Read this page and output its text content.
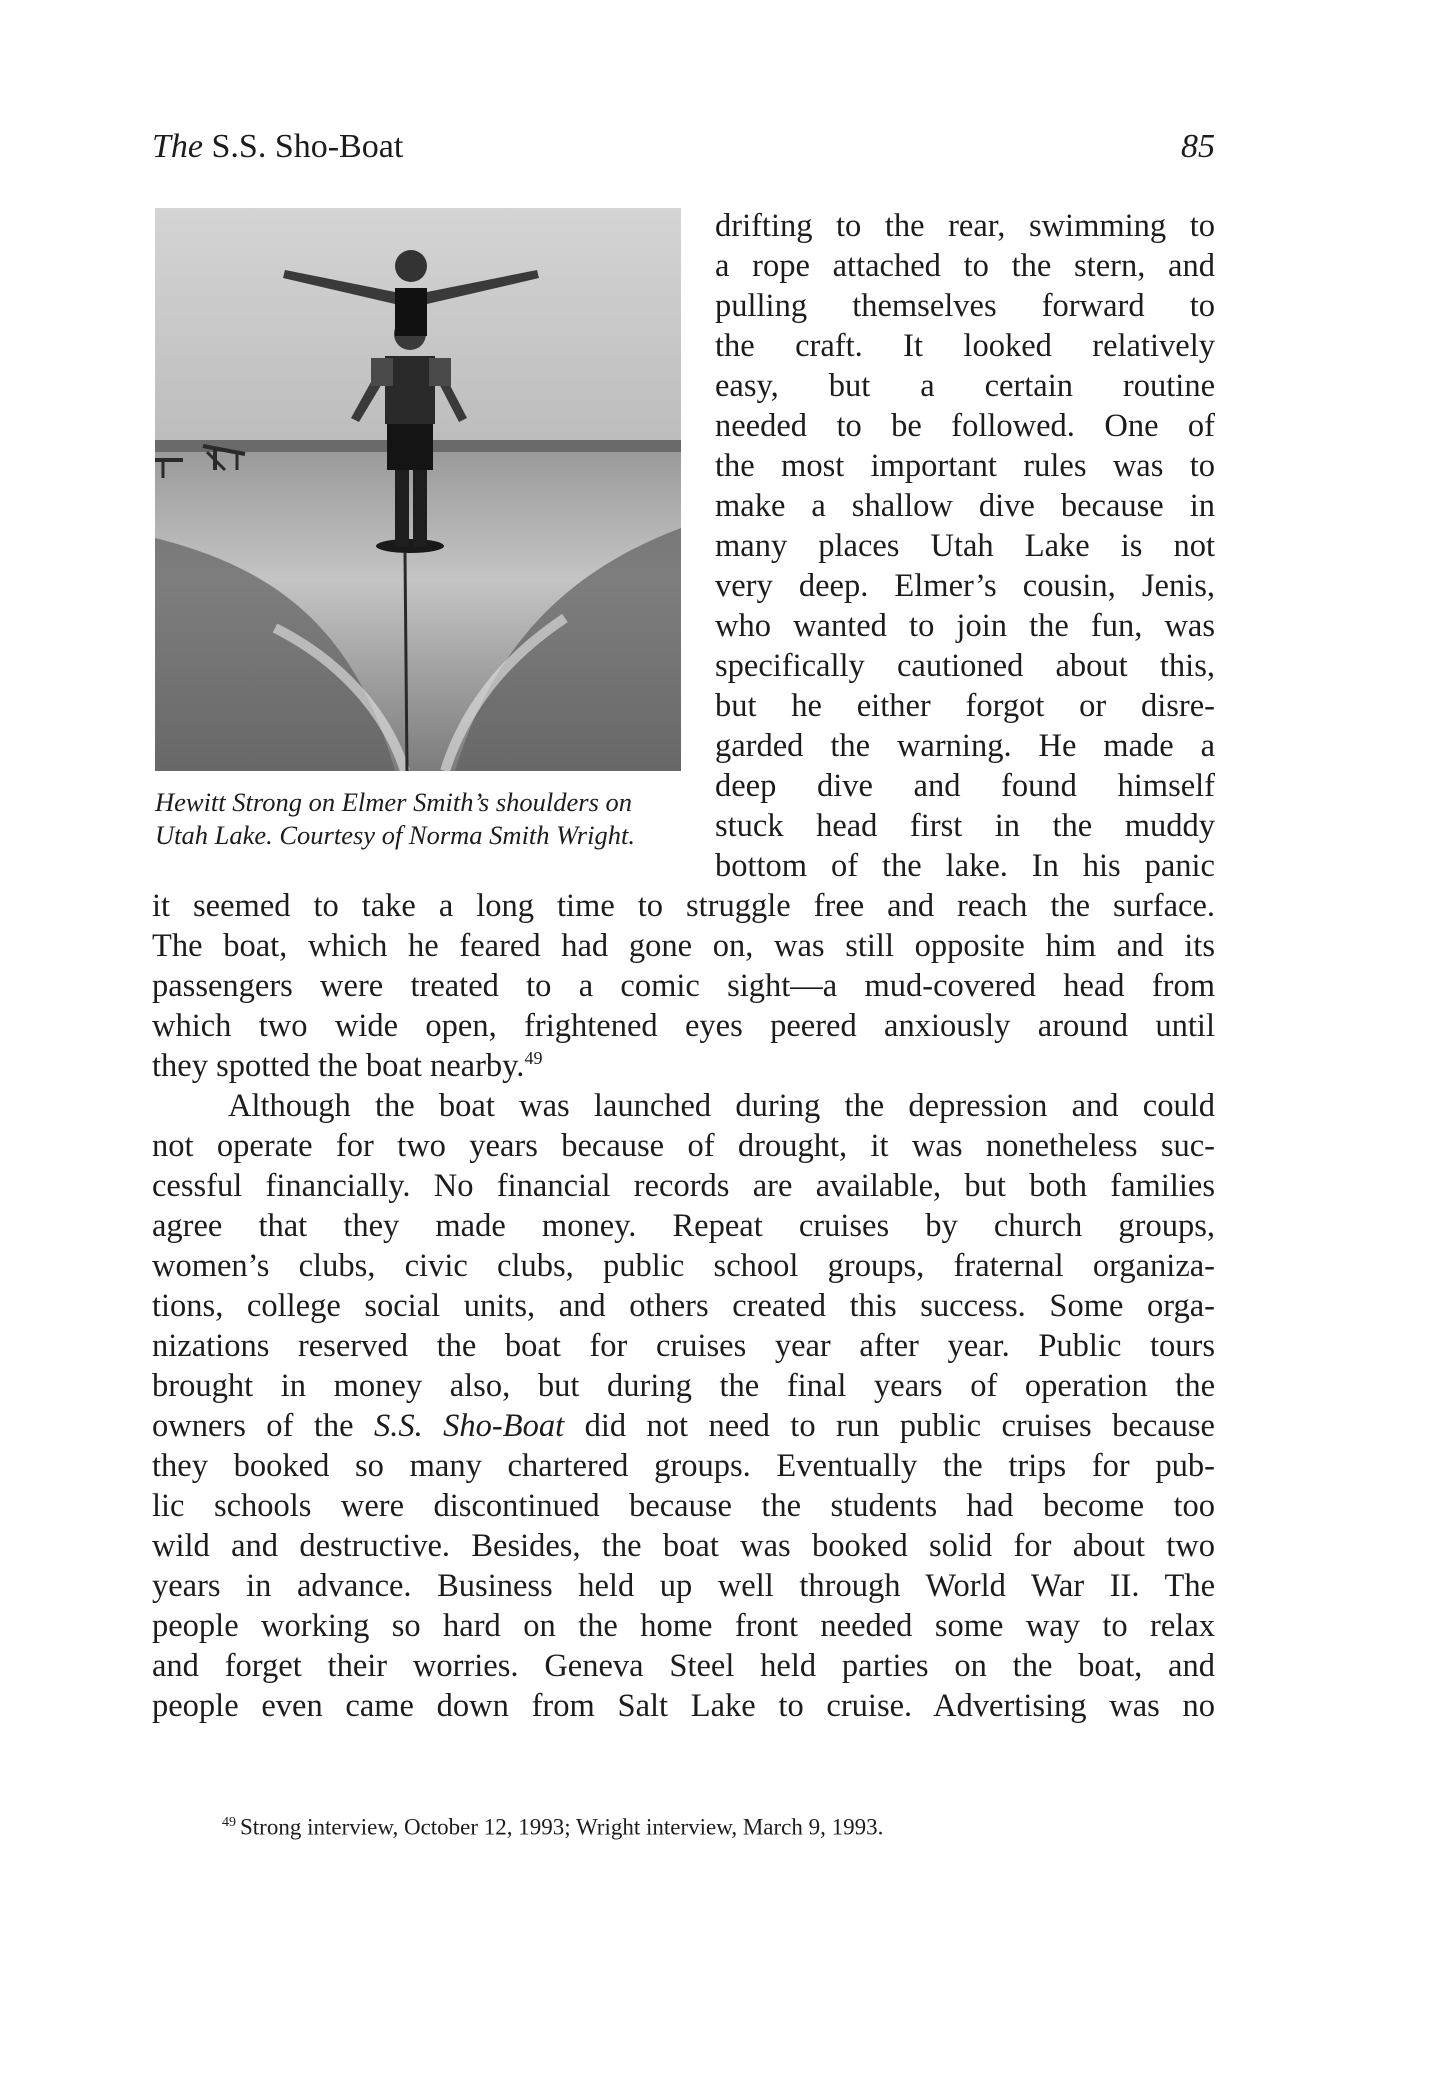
The S.S. Sho-Boat	85
Hewitt Strong on Elmer Smith’s shoulders on
Utah Lake. Courtesy of Norma Smith Wright.
drifting to the rear, swimming to
a rope attached to the stern, and
pulling themselves forward to
the craft. It looked relatively
easy, but a certain routine
needed to be followed. One of
the most important rules was to
make a shallow dive because in
many places Utah Lake is not
very deep. Elmer’s cousin, Jenis,
who wanted to join the fun, was
specifically cautioned about this,
but he either forgot or disre-
garded the warning. He made a
deep dive and found himself
stuck head first in the muddy
bottom of the lake. In his panic
it seemed to take a long time to struggle free and reach the surface.
The boat, which he feared had gone on, was still opposite him and its
passengers were treated to a comic sight—a mud-covered head from
which two wide open, frightened eyes peered anxiously around until
they spotted the boat nearby.$^{49}$
Although the boat was launched during the depression and could
not operate for two years because of drought, it was nonetheless suc-
cessful financially. No financial records are available, but both families
agree that they made money. Repeat cruises by church groups,
women’s clubs, civic clubs, public school groups, fraternal organiza-
tions, college social units, and others created this success. Some orga-
nizations reserved the boat for cruises year after year. Public tours
brought in money also, but during the final years of operation the
owners of the S.S. Sho-Boat did not need to run public cruises because
they booked so many chartered groups. Eventually the trips for pub-
lic schools were discontinued because the students had become too
wild and destructive. Besides, the boat was booked solid for about two
years in advance. Business held up well through World War II. The
people working so hard on the home front needed some way to relax
and forget their worries. Geneva Steel held parties on the boat, and
people even came down from Salt Lake to cruise. Advertising was no
$^{49}$ Strong interview, October 12, 1993; Wright interview, March 9, 1993.
